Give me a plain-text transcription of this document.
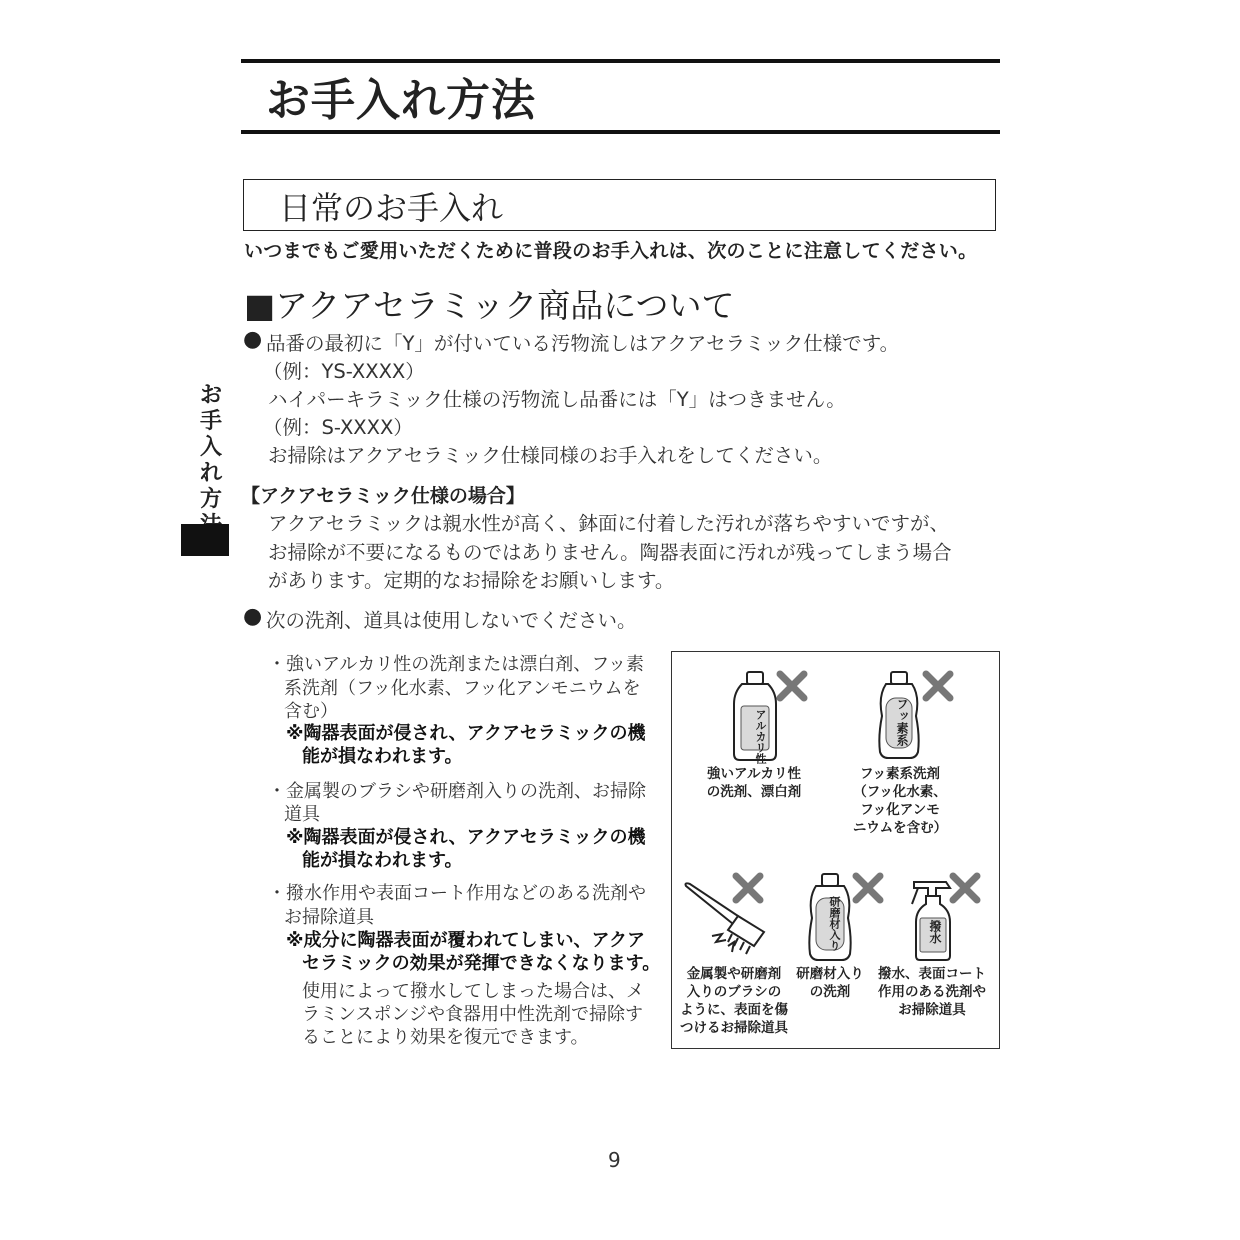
お手入れ方法
お
手
入
れ
方
日常のお手入れ
いつまでもご愛用いただくために普段のお手入れは、次のことに注意してください。
■アクアセラミック商品について
● 品番の最初に「Y」が付いている汚物流しはアクアセラミック仕様です。
（例：YS-XXXX）
ハイパーキラミック仕様の汚物流し品番には「Y」はつきません。
（例：S-XXXX）
お掃除はアクアセラミック仕様同様のお手入れをしてください。
【アクアセラミック仕様の場合】
アクアセラミックは親水性が高く、鉢面に付着した汚れが落ちやすいですが、
お掃除が不要になるものではありません。陶器表面に汚れが残ってしまう場合
があります。定期的なお掃除をお願いします。
● 次の洗剤、道具は使用しないでください。
・強いアルカリ性の洗剤または漂白剤、フッ素
系洗剤（フッ化水素、フッ化アンモニウムを
含む）
※陶器表面が侵され、アクアセラミックの機
能が損なわれます。
・金属製のブラシや研磨剤入りの洗剤、お掃除
道具
※陶器表面が侵され、アクアセラミックの機
能が損なわれます。
・撥水作用や表面コート作用などのある洗剤や
お掃除道具
※成分に陶器表面が覆われてしまい、アクア
セラミックの効果が発揮できなくなります。
使用によって撥水してしまった場合は、メ
ラミンスポンジや食器用中性洗剤で掃除す
ることにより効果を復元できます。
アルカリ性
強いアルカリ性
の洗剤、漂白剤
フッ素系
フッ素系洗剤
（フッ化水素、
フッ化アンモ
ニウムを含む）
金属製や研磨剤
入りのブラシの
ように、表面を傷
つけるお掃除道具
研磨材入り
研磨材入り
の洗剤
撥水
撥水、表面コート
作用のある洗剤や
お掃除道具
9
